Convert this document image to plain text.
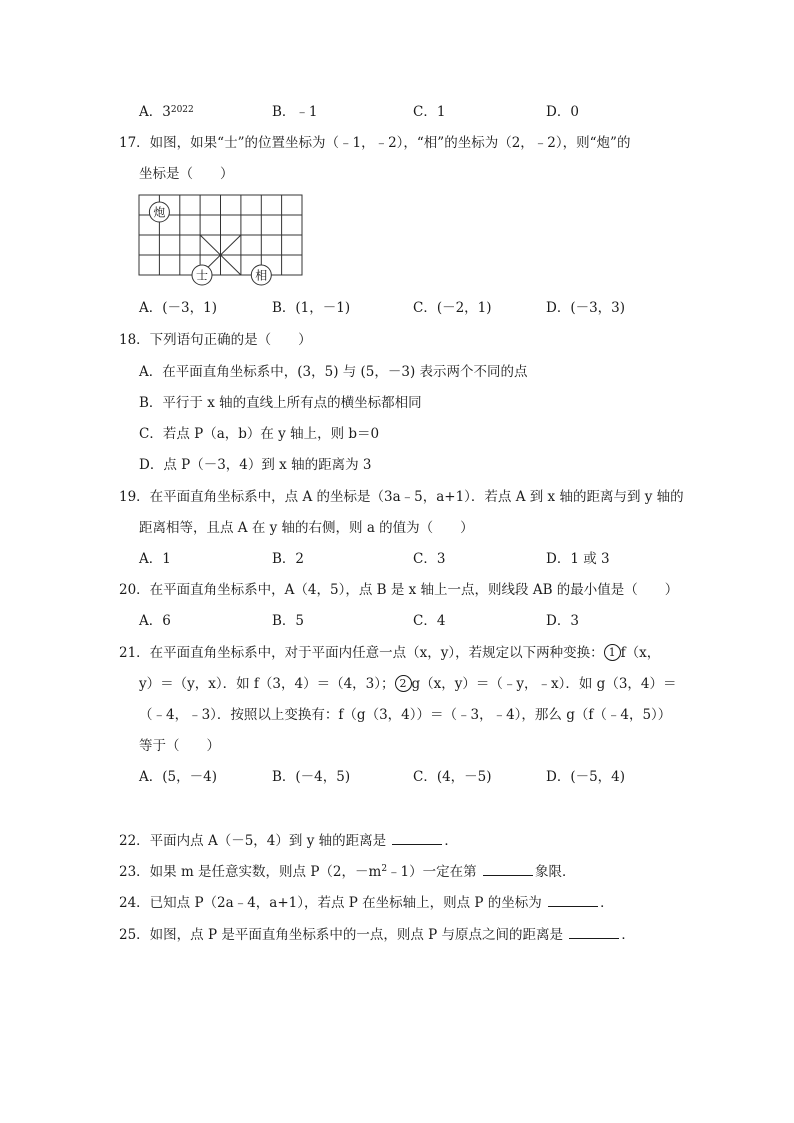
A．$3^{2022}$	B．﹣1	C．1	D．0
17．如图，如果“士”的位置坐标为（﹣1，﹣2），“相”的坐标为（2，﹣2），则“炮”的
坐标是（　　）
炮
士	相
A．(－3，1)	B．(1，－1)	C．(－2，1)	D．(－3，3)
18．下列语句正确的是（　　）
A．在平面直角坐标系中，(3，5) 与 (5，－3) 表示两个不同的点
B．平行于 x 轴的直线上所有点的横坐标都相同
C．若点 P（a，b）在 y 轴上，则 b＝0
D．点 P（－3，4）到 x 轴的距离为 3
19．在平面直角坐标系中，点 A 的坐标是（3a﹣5，a+1）．若点 A 到 x 轴的距离与到 y 轴的
距离相等，且点 A 在 y 轴的右侧，则 a 的值为（　　）
A．1	B．2	C．3	D．1 或 3
20．在平面直角坐标系中，A（4，5），点 B 是 x 轴上一点，则线段 AB 的最小值是（　　）
A．6	B．5	C．4	D．3
21．在平面直角坐标系中，对于平面内任意一点（x，y），若规定以下两种变换： 1 f（x，
y）＝（y，x）．如 f（3，4）＝（4，3）； 2 g（x，y）＝（﹣y，﹣x）．如 g（3，4）＝
（﹣4，﹣3）．按照以上变换有：f（g（3，4））＝（﹣3，﹣4），那么 g（f（﹣4，5））
等于（　　）
A．(5，－4)	B．(－4，5)	C．(4，－5)	D．(－5，4)
22．平面内点 A（－5，4）到 y 轴的距离是	．
23．如果 m 是任意实数，则点 P（2，$-m^2﹣1$）一定在第	象限．
24．已知点 P（2a﹣4，a+1），若点 P 在坐标轴上，则点 P 的坐标为	．
25．如图，点 P 是平面直角坐标系中的一点，则点 P 与原点之间的距离是	．
